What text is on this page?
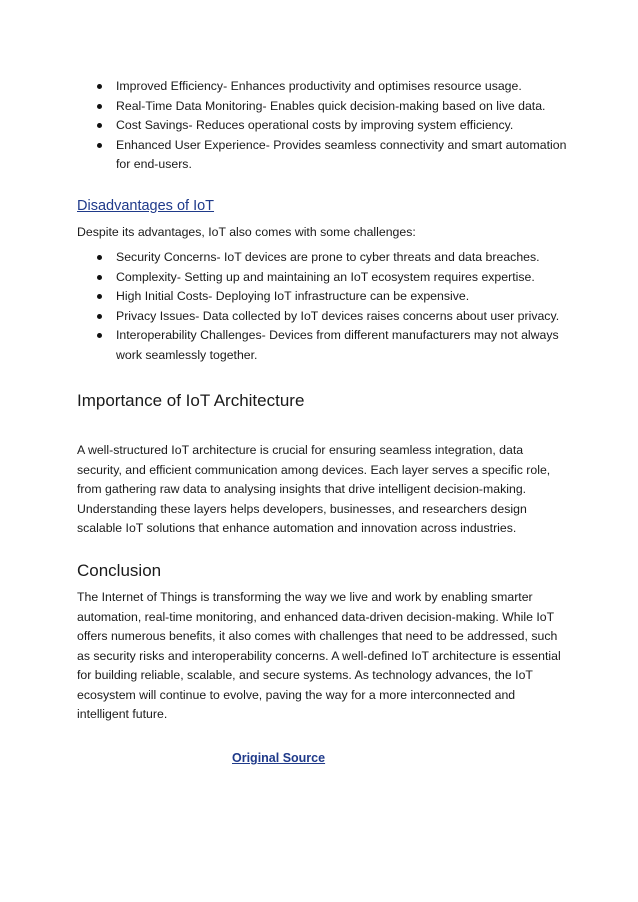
Improved Efficiency- Enhances productivity and optimises resource usage.
Real-Time Data Monitoring- Enables quick decision-making based on live data.
Cost Savings- Reduces operational costs by improving system efficiency.
Enhanced User Experience- Provides seamless connectivity and smart automation for end-users.
Disadvantages of IoT
Despite its advantages, IoT also comes with some challenges:
Security Concerns- IoT devices are prone to cyber threats and data breaches.
Complexity- Setting up and maintaining an IoT ecosystem requires expertise.
High Initial Costs- Deploying IoT infrastructure can be expensive.
Privacy Issues- Data collected by IoT devices raises concerns about user privacy.
Interoperability Challenges- Devices from different manufacturers may not always work seamlessly together.
Importance of IoT Architecture
A well-structured IoT architecture is crucial for ensuring seamless integration, data security, and efficient communication among devices. Each layer serves a specific role, from gathering raw data to analysing insights that drive intelligent decision-making. Understanding these layers helps developers, businesses, and researchers design scalable IoT solutions that enhance automation and innovation across industries.
Conclusion
The Internet of Things is transforming the way we live and work by enabling smarter automation, real-time monitoring, and enhanced data-driven decision-making. While IoT offers numerous benefits, it also comes with challenges that need to be addressed, such as security risks and interoperability concerns. A well-defined IoT architecture is essential for building reliable, scalable, and secure systems. As technology advances, the IoT ecosystem will continue to evolve, paving the way for a more interconnected and intelligent future.
Original Source
